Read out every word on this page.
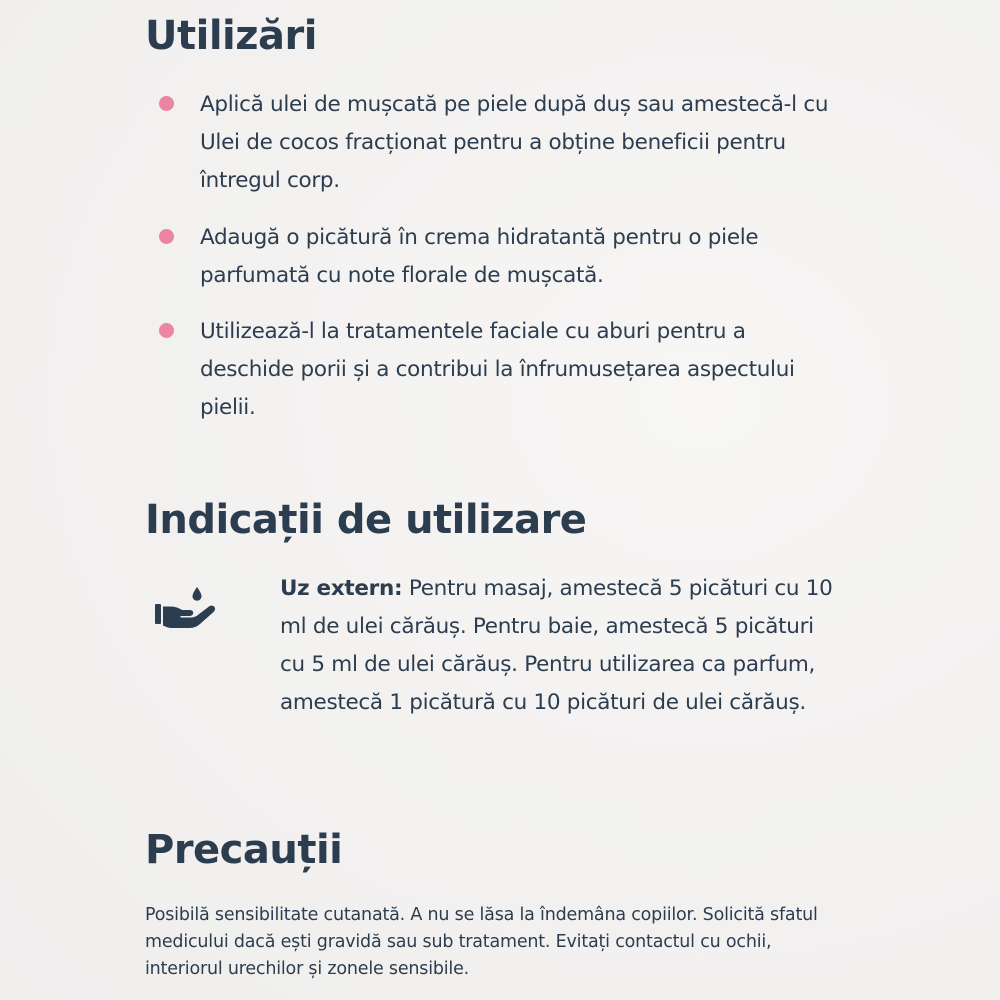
Utilizări
Aplică ulei de mușcată pe piele după duș sau amestecă-l cu Ulei de cocos fracționat pentru a obține beneficii pentru întregul corp.
Adaugă o picătură în crema hidratantă pentru o piele parfumată cu note florale de mușcată.
Utilizează-l la tratamentele faciale cu aburi pentru a deschide porii și a contribui la înfrumusețarea aspectului pielii.
Indicații de utilizare

Uz extern: Pentru masaj, amestecă 5 picături cu 10 ml de ulei cărăuș. Pentru baie, amestecă 5 picături cu 5 ml de ulei cărăuș. Pentru utilizarea ca parfum, amestecă 1 picătură cu 10 picături de ulei cărăuș.

Precauții

Posibilă sensibilitate cutanată. A nu se lăsa la îndemâna copiilor. Solicită sfatul medicului dacă ești gravidă sau sub tratament. Evitați contactul cu ochii, interiorul urechilor și zonele sensibile.
